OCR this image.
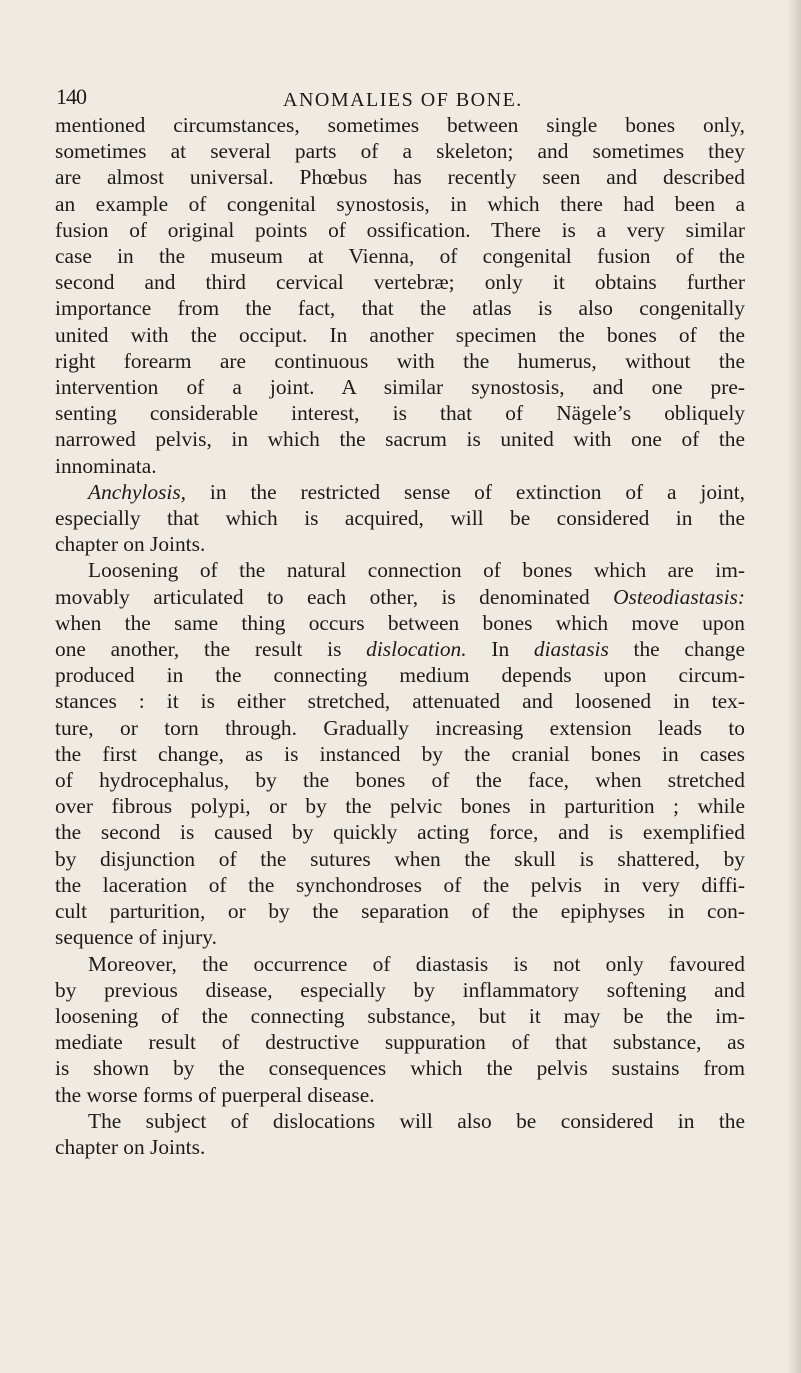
140	ANOMALIES OF BONE.
mentioned circumstances, sometimes between single bones only,
sometimes at several parts of a skeleton; and sometimes they
are almost universal. Phœbus has recently seen and described
an example of congenital synostosis, in which there had been a
fusion of original points of ossification. There is a very similar
case in the museum at Vienna, of congenital fusion of the
second and third cervical vertebræ; only it obtains further
importance from the fact, that the atlas is also congenitally
united with the occiput. In another specimen the bones of the
right forearm are continuous with the humerus, without the
intervention of a joint. A similar synostosis, and one pre-
senting considerable interest, is that of Nägele’s obliquely
narrowed pelvis, in which the sacrum is united with one of the
innominata.
Anchylosis, in the restricted sense of extinction of a joint,
especially that which is acquired, will be considered in the
chapter on Joints.
Loosening of the natural connection of bones which are im-
movably articulated to each other, is denominated Osteodiastasis:
when the same thing occurs between bones which move upon
one another, the result is dislocation. In diastasis the change
produced in the connecting medium depends upon circum-
stances : it is either stretched, attenuated and loosened in tex-
ture, or torn through. Gradually increasing extension leads to
the first change, as is instanced by the cranial bones in cases
of hydrocephalus, by the bones of the face, when stretched
over fibrous polypi, or by the pelvic bones in parturition ; while
the second is caused by quickly acting force, and is exemplified
by disjunction of the sutures when the skull is shattered, by
the laceration of the synchondroses of the pelvis in very diffi-
cult parturition, or by the separation of the epiphyses in con-
sequence of injury.
Moreover, the occurrence of diastasis is not only favoured
by previous disease, especially by inflammatory softening and
loosening of the connecting substance, but it may be the im-
mediate result of destructive suppuration of that substance, as
is shown by the consequences which the pelvis sustains from
the worse forms of puerperal disease.
The subject of dislocations will also be considered in the
chapter on Joints.
